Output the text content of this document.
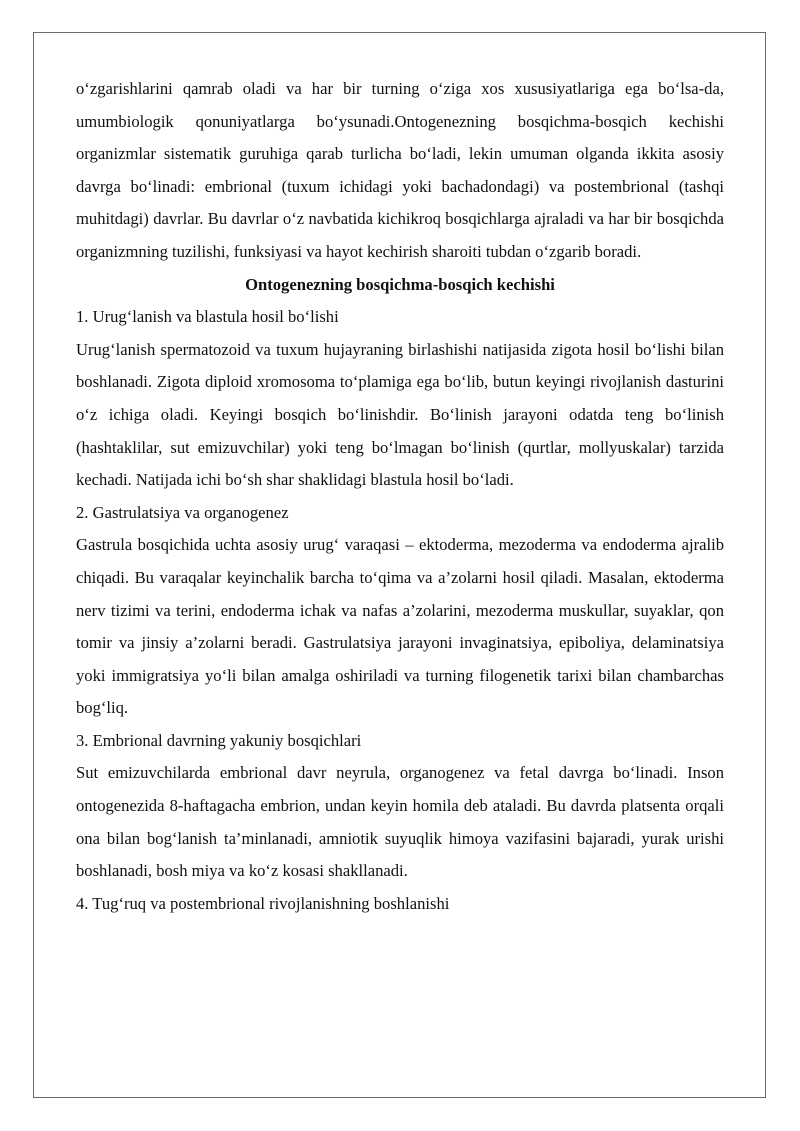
o‘zgarishlarini qamrab oladi va har bir turning o‘ziga xos xususiyatlariga ega bo‘lsa-da, umumbiologik qonuniyatlarga bo‘ysunadi.Ontogenezning bosqichma-bosqich kechishi organizmlar sistematik guruhiga qarab turlicha bo‘ladi, lekin umuman olganda ikkita asosiy davrga bo‘linadi: embrional (tuxum ichidagi yoki bachadondagi) va postembrional (tashqi muhitdagi) davrlar. Bu davrlar o‘z navbatida kichikroq bosqichlarga ajraladi va har bir bosqichda organizmning tuzilishi, funksiyasi va hayot kechirish sharoiti tubdan o‘zgarib boradi.

Ontogenezning bosqichma-bosqich kechishi

1. Urug‘lanish va blastula hosil bo‘lishi

Urug‘lanish spermatozoid va tuxum hujayraning birlashishi natijasida zigota hosil bo‘lishi bilan boshlanadi. Zigota diploid xromosoma to‘plamiga ega bo‘lib, butun keyingi rivojlanish dasturini o‘z ichiga oladi. Keyingi bosqich bo‘linishdir. Bo‘linish jarayoni odatda teng bo‘linish (hashtaklilar, sut emizuvchilar) yoki teng bo‘lmagan bo‘linish (qurtlar, mollyuskalar) tarzida kechadi. Natijada ichi bo‘sh shar shaklidagi blastula hosil bo‘ladi.

2. Gastrulatsiya va organogenez

Gastrula bosqichida uchta asosiy urug‘ varaqasi – ektoderma, mezoderma va endoderma ajralib chiqadi. Bu varaqalar keyinchalik barcha to‘qima va a’zolarni hosil qiladi. Masalan, ektoderma nerv tizimi va terini, endoderma ichak va nafas a’zolarini, mezoderma muskullar, suyaklar, qon tomir va jinsiy a’zolarni beradi. Gastrulatsiya jarayoni invaginatsiya, epiboliya, delaminatsiya yoki immigratsiya yo‘li bilan amalga oshiriladi va turning filogenetik tarixi bilan chambarchas bog‘liq.

3. Embrional davrning yakuniy bosqichlari

Sut emizuvchilarda embrional davr neyrula, organogenez va fetal davrga bo‘linadi. Inson ontogenezida 8-haftagacha embrion, undan keyin homila deb ataladi. Bu davrda platsenta orqali ona bilan bog‘lanish ta’minlanadi, amniotik suyuqlik himoya vazifasini bajaradi, yurak urishi boshlanadi, bosh miya va ko‘z kosasi shakllanadi.

4. Tug‘ruq va postembrional rivojlanishning boshlanishi
